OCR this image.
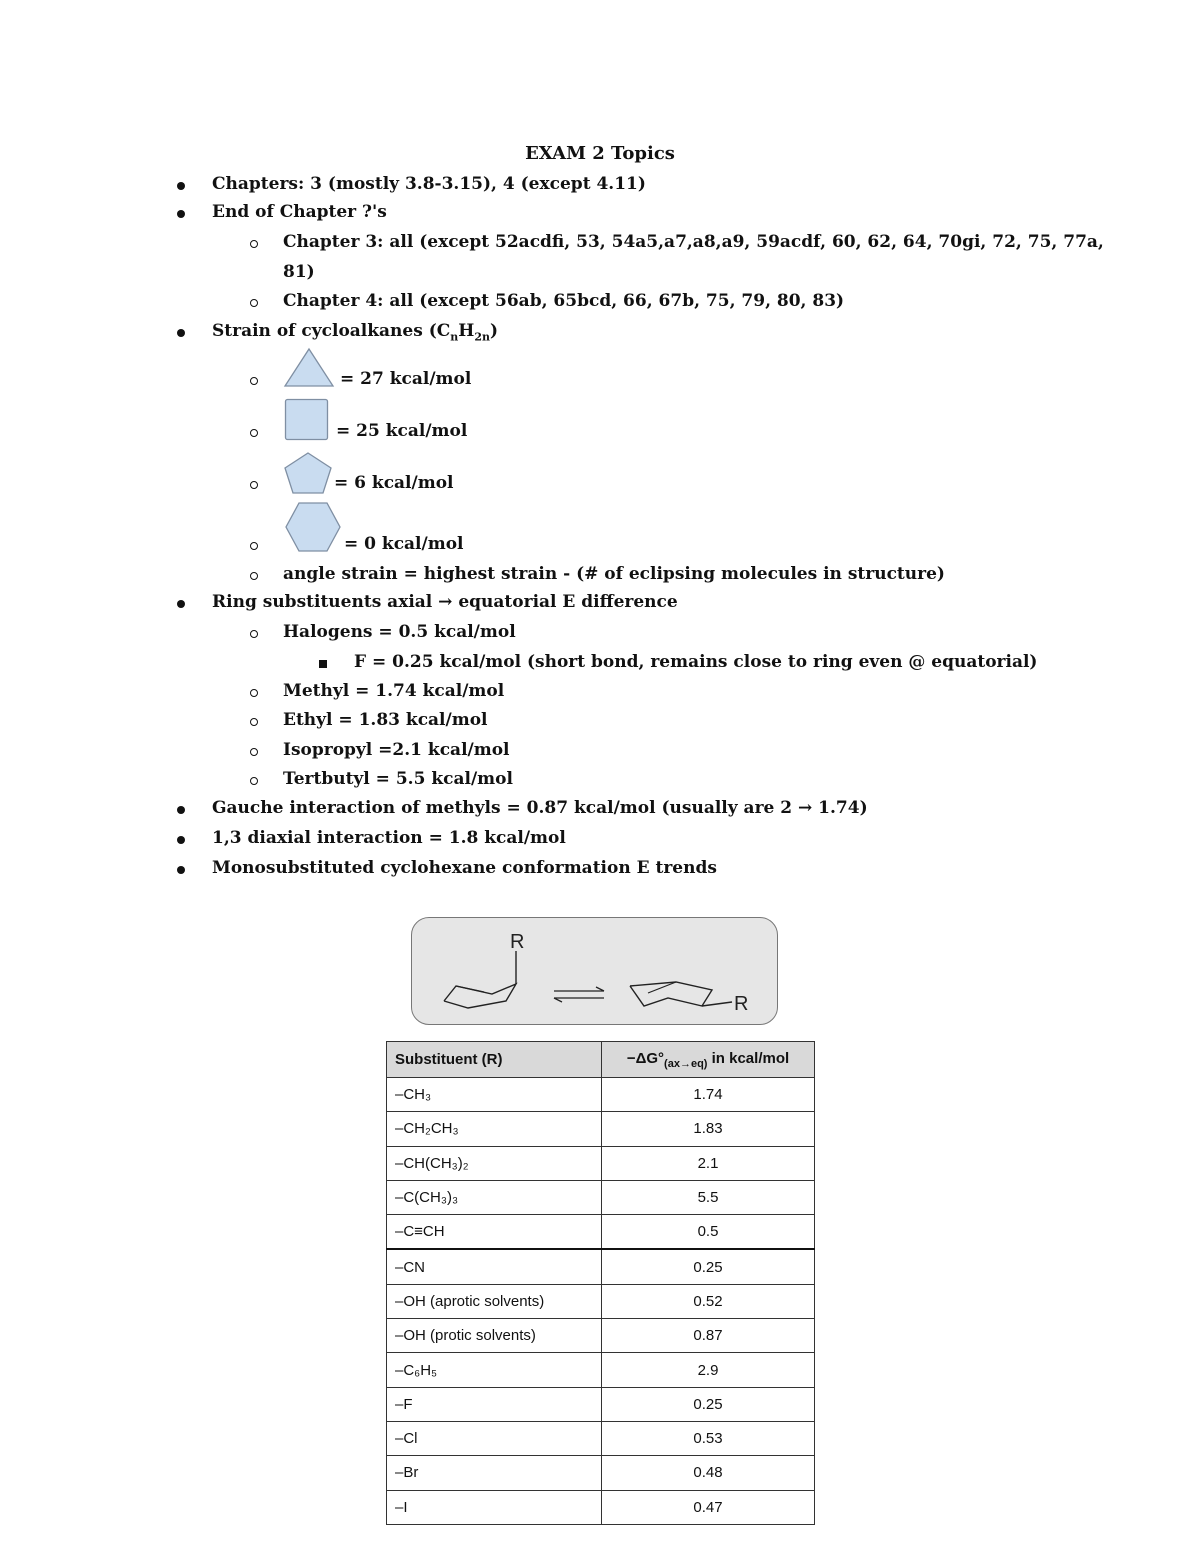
EXAM 2 Topics
Chapters: 3 (mostly 3.8-3.15), 4 (except 4.11)
End of Chapter ?'s
Chapter 3: all (except 52acdfi, 53, 54a5,a7,a8,a9, 59acdf, 60, 62, 64, 70gi, 72, 75, 77a,
81)
Chapter 4: all (except 56ab, 65bcd, 66, 67b, 75, 79, 80, 83)
Strain of cycloalkanes $(C_nH_{2n})$
= 27 kcal/mol
= 25 kcal/mol
= 6 kcal/mol
= 0 kcal/mol
angle strain = highest strain - (# of eclipsing molecules in structure)
Ring substituents axial → equatorial E difference
Halogens = 0.5 kcal/mol
F = 0.25 kcal/mol (short bond, remains close to ring even @ equatorial)
Methyl = 1.74 kcal/mol
Ethyl = 1.83 kcal/mol
Isopropyl =2.1 kcal/mol
Tertbutyl = 5.5 kcal/mol
Gauche interaction of methyls = 0.87 kcal/mol (usually are 2 → 1.74)
1,3 diaxial interaction = 1.8 kcal/mol
Monosubstituted cyclohexane conformation E trends
R
R
Substituent (R)	$-\Delta G^\circ_{(ax\to eq)}$ in kcal/mol
–CH₃	1.74
–CH₂CH₃	1.83
–CH(CH₃)₂	2.1
–C(CH₃)₃	5.5
–C≡CH	0.5
–CN	0.25
–OH (aprotic solvents)	0.52
–OH (protic solvents)	0.87
–C₆H₅	2.9
–F	0.25
–Cl	0.53
–Br	0.48
–I	0.47
